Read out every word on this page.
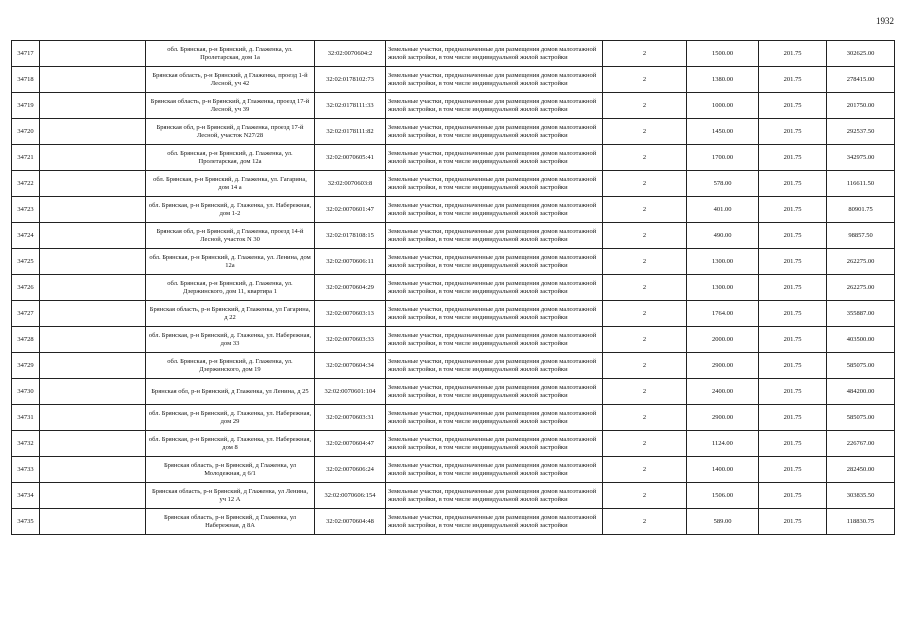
1932
34717		обл. Брянская, р-н Брянский, д. Глаженка, ул. Пролетарская, дом 1а	32:02:0070604:2	Земельные участки, предназначенные для размещения домов малоэтажной жилой застройки, в том числе индивидуальной жилой застройки	2	1500.00	201.75	302625.00
34718		Брянская область, р-н Брянский, д Глаженка, проезд 1-й Лесной, уч 42	32:02:0178102:73	Земельные участки, предназначенные для размещения домов малоэтажной жилой застройки, в том числе индивидуальной жилой застройки	2	1380.00	201.75	278415.00
34719		Брянская область, р-н Брянский, д Глаженка, проезд 17-й Лесной, уч 39	32:02:0178111:33	Земельные участки, предназначенные для размещения домов малоэтажной жилой застройки, в том числе индивидуальной жилой застройки	2	1000.00	201.75	201750.00
34720		Брянская обл, р-н Брянский, д Глаженка, проезд 17-й Лесной, участок N27/28	32:02:0178111:82	Земельные участки, предназначенные для размещения домов малоэтажной жилой застройки, в том числе индивидуальной жилой застройки	2	1450.00	201.75	292537.50
34721		обл. Брянская, р-н Брянский, д. Глаженка, ул. Пролетарская, дом 12а	32:02:0070605:41	Земельные участки, предназначенные для размещения домов малоэтажной жилой застройки, в том числе индивидуальной жилой застройки	2	1700.00	201.75	342975.00
34722		обл. Брянская, р-н Брянский, д. Глаженка, ул. Гагарина, дом 14 а	32:02:0070603:8	Земельные участки, предназначенные для размещения домов малоэтажной жилой застройки, в том числе индивидуальной жилой застройки	2	578.00	201.75	116611.50
34723		обл. Брянская, р-н Брянский, д. Глаженка, ул. Набережная, дом 1-2	32:02:0070601:47	Земельные участки, предназначенные для размещения домов малоэтажной жилой застройки, в том числе индивидуальной жилой застройки	2	401.00	201.75	80901.75
34724		Брянская обл, р-н Брянский, д Глаженка, проезд 14-й Лесной, участок N 30	32:02:0178108:15	Земельные участки, предназначенные для размещения домов малоэтажной жилой застройки, в том числе индивидуальной жилой застройки	2	490.00	201.75	98857.50
34725		обл. Брянская, р-н Брянский, д. Глаженка, ул. Ленина, дом 12а	32:02:0070606:11	Земельные участки, предназначенные для размещения домов малоэтажной жилой застройки, в том числе индивидуальной жилой застройки	2	1300.00	201.75	262275.00
34726		обл. Брянская, р-н Брянский, д. Глаженка, ул. Дзержинского, дом 11, квартира 1	32:02:0070604:29	Земельные участки, предназначенные для размещения домов малоэтажной жилой застройки, в том числе индивидуальной жилой застройки	2	1300.00	201.75	262275.00
34727		Брянская область, р-н Брянский, д Глаженка, ул Гагарина, д 22	32:02:0070603:13	Земельные участки, предназначенные для размещения домов малоэтажной жилой застройки, в том числе индивидуальной жилой застройки	2	1764.00	201.75	355887.00
34728		обл. Брянская, р-н Брянский, д. Глаженка, ул. Набережная, дом 33	32:02:0070603:33	Земельные участки, предназначенные для размещения домов малоэтажной жилой застройки, в том числе индивидуальной жилой застройки	2	2000.00	201.75	403500.00
34729		обл. Брянская, р-н Брянский, д. Глаженка, ул. Дзержинского, дом 19	32:02:0070604:34	Земельные участки, предназначенные для размещения домов малоэтажной жилой застройки, в том числе индивидуальной жилой застройки	2	2900.00	201.75	585075.00
34730		Брянская обл, р-н Брянский, д Глаженка, ул Ленина, д 25	32:02:0070601:104	Земельные участки, предназначенные для размещения домов малоэтажной жилой застройки, в том числе индивидуальной жилой застройки	2	2400.00	201.75	484200.00
34731		обл. Брянская, р-н Брянский, д. Глаженка, ул. Набережная, дом 29	32:02:0070603:31	Земельные участки, предназначенные для размещения домов малоэтажной жилой застройки, в том числе индивидуальной жилой застройки	2	2900.00	201.75	585075.00
34732		обл. Брянская, р-н Брянский, д. Глаженка, ул. Набережная, дом 8	32:02:0070604:47	Земельные участки, предназначенные для размещения домов малоэтажной жилой застройки, в том числе индивидуальной жилой застройки	2	1124.00	201.75	226767.00
34733		Брянская область, р-н Брянский, д Глаженка, ул Молодежная, д 6/1	32:02:0070606:24	Земельные участки, предназначенные для размещения домов малоэтажной жилой застройки, в том числе индивидуальной жилой застройки	2	1400.00	201.75	282450.00
34734		Брянская область, р-н Брянский, д Глаженка, ул Ленина, уч 12 А	32:02:0070606:154	Земельные участки, предназначенные для размещения домов малоэтажной жилой застройки, в том числе индивидуальной жилой застройки	2	1506.00	201.75	303835.50
34735		Брянская область, р-н Брянский, д Глаженка, ул Набережная, д 8А	32:02:0070604:48	Земельные участки, предназначенные для размещения домов малоэтажной жилой застройки, в том числе индивидуальной жилой застройки	2	589.00	201.75	118830.75
